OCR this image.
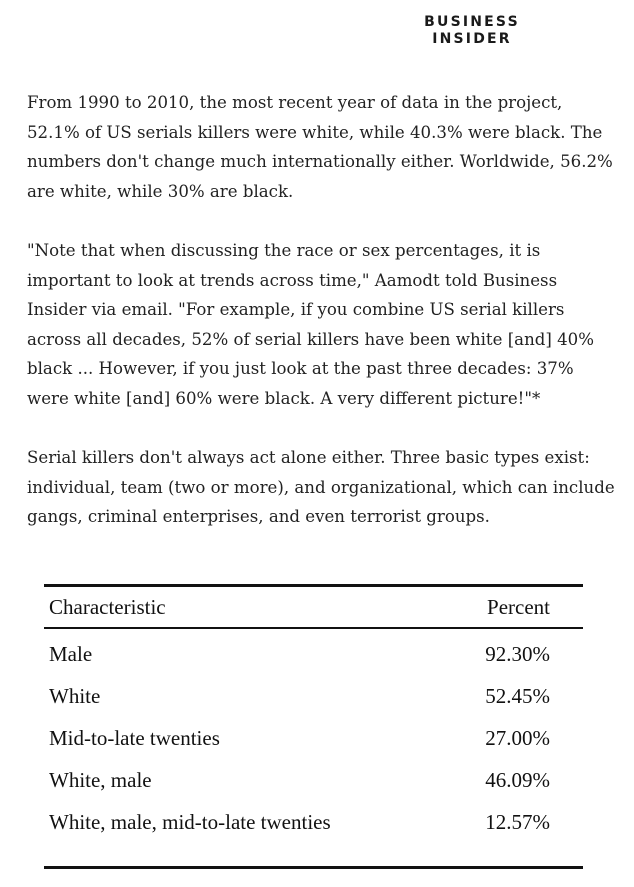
BUSINESS
INSIDER

From 1990 to 2010, the most recent year of data in the project, 52.1% of US serials killers were white, while 40.3% were black. The numbers don't change much internationally either. Worldwide, 56.2% are white, while 30% are black.

"Note that when discussing the race or sex percentages, it is important to look at trends across time," Aamodt told Business Insider via email. "For example, if you combine US serial killers across all decades, 52% of serial killers have been white [and] 40% black ... However, if you just look at the past three decades: 37% were white [and] 60% were black. A very different picture!"*

Serial killers don't always act alone either. Three basic types exist: individual, team (two or more), and organizational, which can include gangs, criminal enterprises, and even terrorist groups.

Characteristic	Percent

Male	92.30%
White	52.45%
Mid-to-late twenties	27.00%
White, male	46.09%
White, male, mid-to-late twenties	12.57%
